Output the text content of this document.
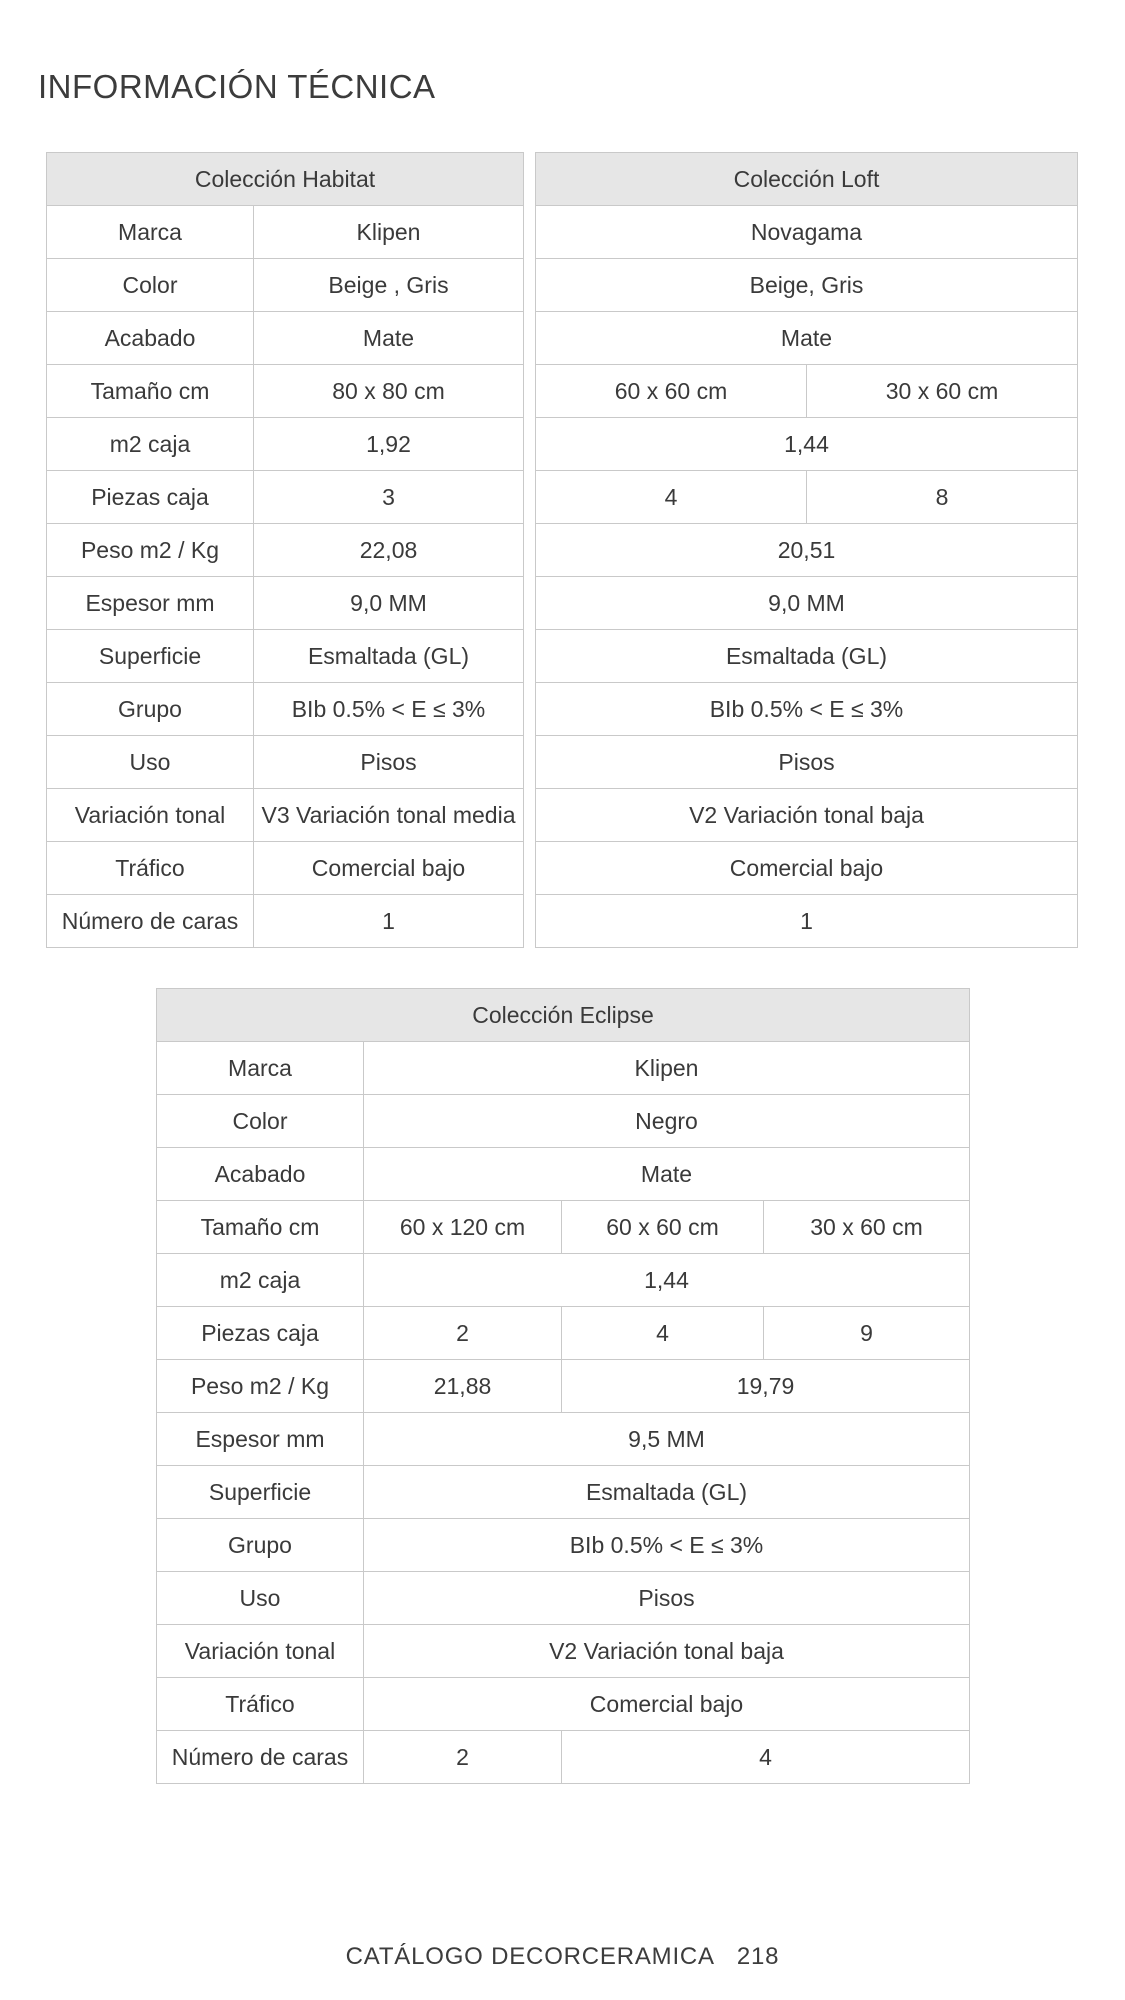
INFORMACIÓN TÉCNICA
Colección Habitat	
Marca	Klipen
Color	Beige , Gris
Acabado	Mate
Tamaño cm	80 x 80 cm
m2 caja	1,92
Piezas caja	3
Peso m2 / Kg	22,08
Espesor mm	9,0 MM
Superficie	Esmaltada (GL)
Grupo	BIb 0.5% < E ≤ 3%
Uso	Pisos
Variación tonal	V3 Variación tonal media
Tráfico	Comercial bajo
Número de caras	1
Colección Loft	
Novagama	
Beige, Gris	
Mate	
60 x 60 cm	30 x 60 cm
1,44	
4	8
20,51	
9,0 MM	
Esmaltada (GL)	
BIb 0.5% < E ≤ 3%	
Pisos	
V2 Variación tonal baja	
Comercial bajo	
1	
Colección Eclipse			
Marca	Klipen		
Color	Negro		
Acabado	Mate		
Tamaño cm	60 x 120 cm	60 x 60 cm	30 x 60 cm
m2 caja	1,44		
Piezas caja	2	4	9
Peso m2 / Kg	21,88	19,79	
Espesor mm	9,5 MM		
Superficie	Esmaltada (GL)		
Grupo	BIb 0.5% < E ≤ 3%		
Uso	Pisos		
Variación tonal	V2 Variación tonal baja		
Tráfico	Comercial bajo		
Número de caras	2	4	
CATÁLOGO DECORCERAMICA 218
